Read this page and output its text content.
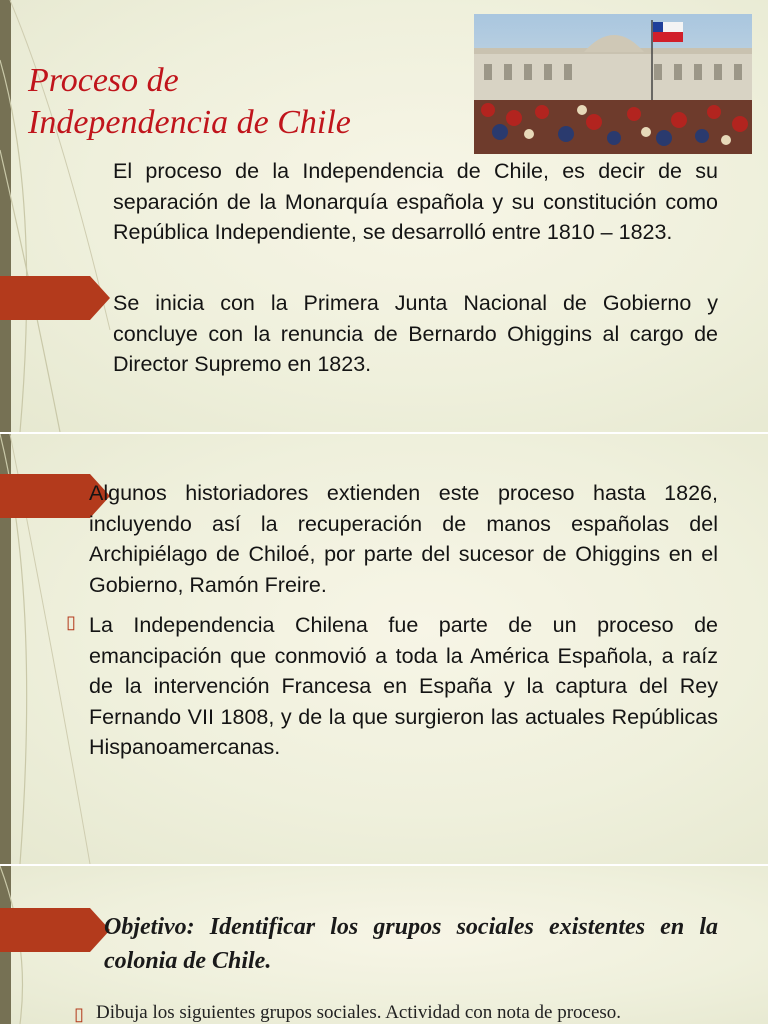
Proceso de
Independencia de Chile

El proceso de la Independencia de Chile, es decir de su separación de la Monarquía española y su constitución como República Independiente, se desarrolló entre 1810 – 1823.

Se inicia con la Primera Junta Nacional de Gobierno y concluye con la renuncia de Bernardo Ohiggins al cargo de Director Supremo en 1823.

Algunos historiadores extienden este proceso hasta 1826, incluyendo así la recuperación de manos españolas del Archipiélago de Chiloé, por parte del sucesor de Ohiggins en el Gobierno, Ramón Freire.

▯ La Independencia Chilena fue parte de un proceso de emancipación que conmovió a toda la América Española, a raíz de la intervención Francesa en España y la captura del Rey Fernando VII 1808, y de la que surgieron las actuales Repúblicas Hispanoamercanas.

Objetivo: Identificar los grupos sociales existentes en la colonia de Chile.

▯ Dibuja los siguientes grupos sociales. Actividad con nota de proceso.
